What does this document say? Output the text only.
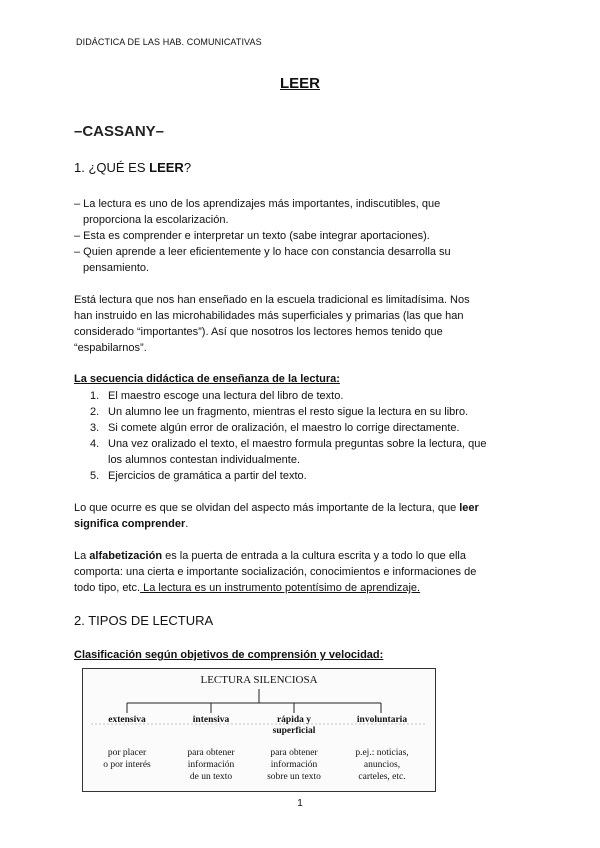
DIDÁCTICA DE LAS HAB. COMUNICATIVAS
LEER
–CASSANY–
1. ¿QUÉ ES LEER?
– La lectura es uno de los aprendizajes más importantes, indiscutibles, que
proporciona la escolarización.
– Esta es comprender e interpretar un texto (sabe integrar aportaciones).
– Quien aprende a leer eficientemente y lo hace con constancia desarrolla su
pensamiento.
Está lectura que nos han enseñado en la escuela tradicional es limitadísima. Nos
han instruido en las microhabilidades más superficiales y primarias (las que han
considerado “importantes”). Así que nosotros los lectores hemos tenido que
“espabilarnos”.
La secuencia didáctica de enseñanza de la lectura:
1. El maestro escoge una lectura del libro de texto.
2. Un alumno lee un fragmento, mientras el resto sigue la lectura en su libro.
3. Si comete algún error de oralización, el maestro lo corrige directamente.
4. Una vez oralizado el texto, el maestro formula preguntas sobre la lectura, que
los alumnos contestan individualmente.
5. Ejercicios de gramática a partir del texto.
Lo que ocurre es que se olvidan del aspecto más importante de la lectura, que leer
significa comprender.
La alfabetización es la puerta de entrada a la cultura escrita y a todo lo que ella
comporta: una cierta e importante socialización, conocimientos e informaciones de
todo tipo, etc. La lectura es un instrumento potentísimo de aprendizaje.
2. TIPOS DE LECTURA
Clasificación según objetivos de comprensión y velocidad:
LECTURA SILENCIOSA
extensiva	intensiva	rápida y
superficial
involuntaria
por placer
o por interés
para obtener
información
de un texto
para obtener
información
sobre un texto
p.ej.: noticias,
anuncios,
carteles, etc.
1
